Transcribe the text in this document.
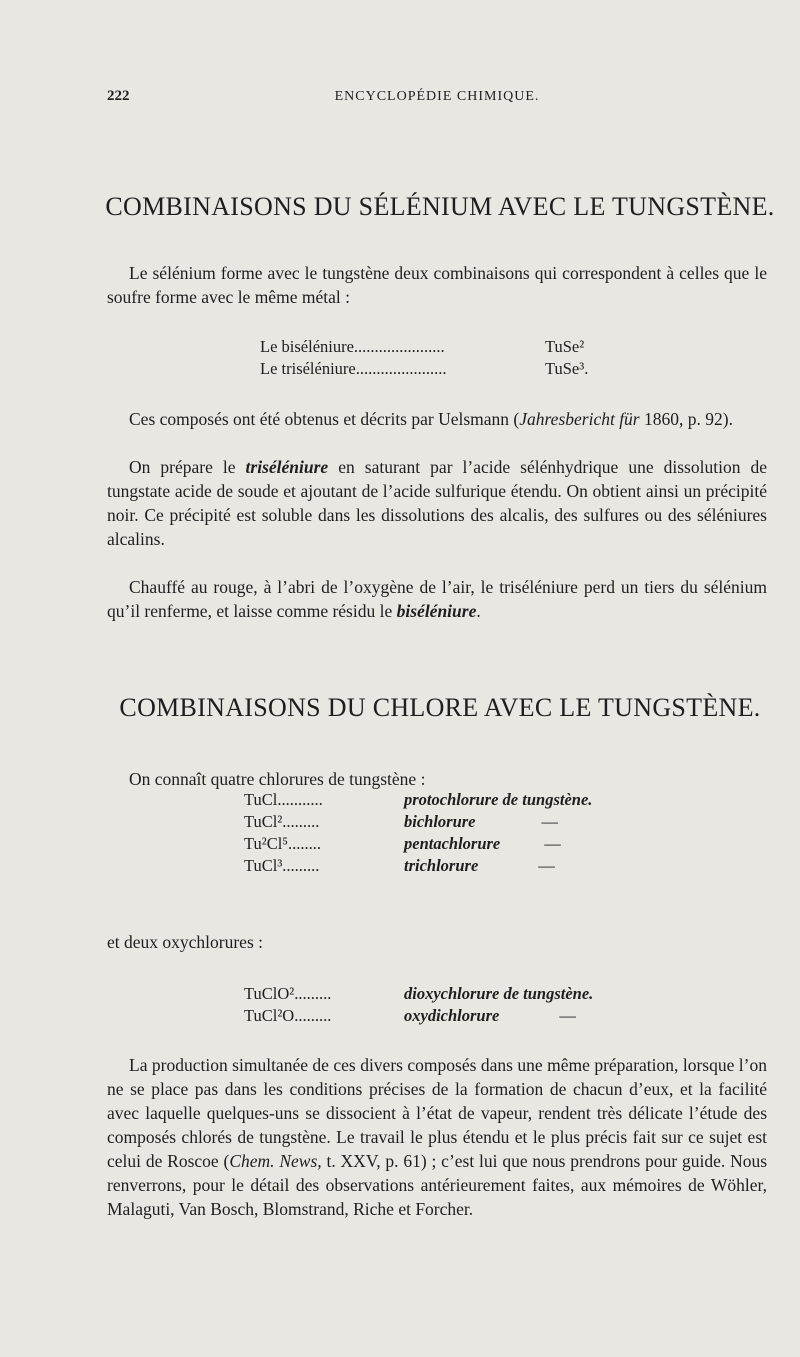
222	ENCYCLOPÉDIE CHIMIQUE.
COMBINAISONS DU SÉLÉNIUM AVEC LE TUNGSTÈNE.

Le sélénium forme avec le tungstène deux combinaisons qui correspondent à celles que le soufre forme avec le même métal :

Le biséléniure......................	TuSe²
Le triséléniure......................	TuSe³.

Ces composés ont été obtenus et décrits par Uelsmann (Jahresbericht für 1860, p. 92).

On prépare le triséléniure en saturant par l’acide sélénhydrique une dissolution de tungstate acide de soude et ajoutant de l’acide sulfurique étendu. On obtient ainsi un précipité noir. Ce précipité est soluble dans les dissolutions des alcalis, des sulfures ou des séléniures alcalins.

Chauffé au rouge, à l’abri de l’oxygène de l’air, le triséléniure perd un tiers du sélénium qu’il renferme, et laisse comme résidu le biséléniure.

COMBINAISONS DU CHLORE AVEC LE TUNGSTÈNE.

On connaît quatre chlorures de tungstène :

TuCl...........	protochlorure de tungstène.
TuCl².........	bichlorure	—
Tu²Cl⁵........	pentachlorure	—
TuCl³.........	trichlorure	—

et deux oxychlorures :

TuClO².........	dioxychlorure de tungstène.
TuCl²O.........	oxydichlorure	—

La production simultanée de ces divers composés dans une même préparation, lorsque l’on ne se place pas dans les conditions précises de la formation de chacun d’eux, et la facilité avec laquelle quelques-uns se dissocient à l’état de vapeur, rendent très délicate l’étude des composés chlorés de tungstène. Le travail le plus étendu et le plus précis fait sur ce sujet est celui de Roscoe (Chem. News, t. XXV, p. 61) ; c’est lui que nous prendrons pour guide. Nous renverrons, pour le détail des observations antérieurement faites, aux mémoires de Wöhler, Malaguti, Van Bosch, Blomstrand, Riche et Forcher.
